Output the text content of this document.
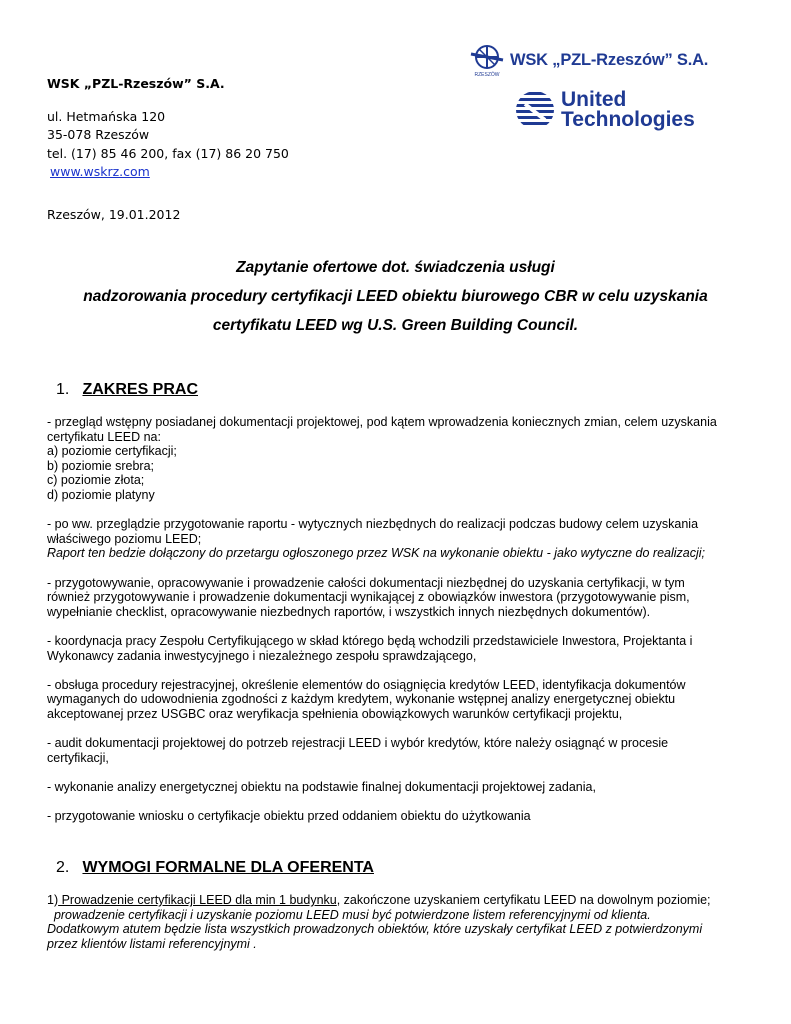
WSK „PZL-Rzeszów” S.A.
ul. Hetmańska 120
35-078 Rzeszów
tel. (17) 85 46 200, fax (17) 86 20 750
www.wskrz.com
RZESZÓW
WSK „PZL-Rzeszów” S.A.
United
Technologies
Rzeszów, 19.01.2012
Zapytanie ofertowe dot. świadczenia usługi
nadzorowania procedury certyfikacji LEED obiektu biurowego CBR w celu uzyskania
certyfikatu LEED wg U.S. Green Building Council.
1. ZAKRES PRAC

- przegląd wstępny posiadanej dokumentacji projektowej, pod kątem wprowadzenia koniecznych zmian, celem uzyskania

certyfikatu LEED na:

a) poziomie certyfikacji;

b) poziomie srebra;

c) poziomie złota;

d) poziomie platyny

- po ww. przeglądzie przygotowanie raportu - wytycznych niezbędnych do realizacji podczas budowy celem uzyskania

właściwego poziomu LEED;

Raport ten bedzie dołączony do przetargu ogłoszonego przez WSK na wykonanie obiektu - jako wytyczne do realizacji;

- przygotowywanie, opracowywanie i prowadzenie całości dokumentacji niezbędnej do uzyskania certyfikacji, w tym

również przygotowywanie i prowadzenie dokumentacji wynikającej z obowiązków inwestora (przygotowywanie pism,

wypełnianie checklist, opracowywanie niezbednych raportów, i wszystkich innych niezbędnych dokumentów).

- koordynacja pracy Zespołu Certyfikującego w skład którego będą wchodzili przedstawiciele Inwestora, Projektanta i

Wykonawcy zadania inwestycyjnego i niezależnego zespołu sprawdzającego,

- obsługa procedury rejestracyjnej, określenie elementów do osiągnięcia kredytów LEED, identyfikacja dokumentów

wymaganych do udowodnienia zgodności z każdym kredytem, wykonanie wstępnej analizy energetycznej obiektu

akceptowanej przez USGBC oraz weryfikacja spełnienia obowiązkowych warunków certyfikacji projektu,

- audit dokumentacji projektowej do potrzeb rejestracji LEED i wybór kredytów, które należy osiągnąć w procesie

certyfikacji,

- wykonanie analizy energetycznej obiektu na podstawie finalnej dokumentacji projektowej zadania,

- przygotowanie wniosku o certyfikacje obiektu przed oddaniem obiektu do użytkowania

2. WYMOGI FORMALNE DLA OFERENTA

1) Prowadzenie certyfikacji LEED dla min 1 budynku, zakończone uzyskaniem certyfikatu LEED na dowolnym poziomie;

prowadzenie certyfikacji i uzyskanie poziomu LEED musi być potwierdzone listem referencyjnymi od klienta.

Dodatkowym atutem będzie lista wszystkich prowadzonych obiektów, które uzyskały certyfikat LEED z potwierdzonymi

przez klientów listami referencyjnymi .
